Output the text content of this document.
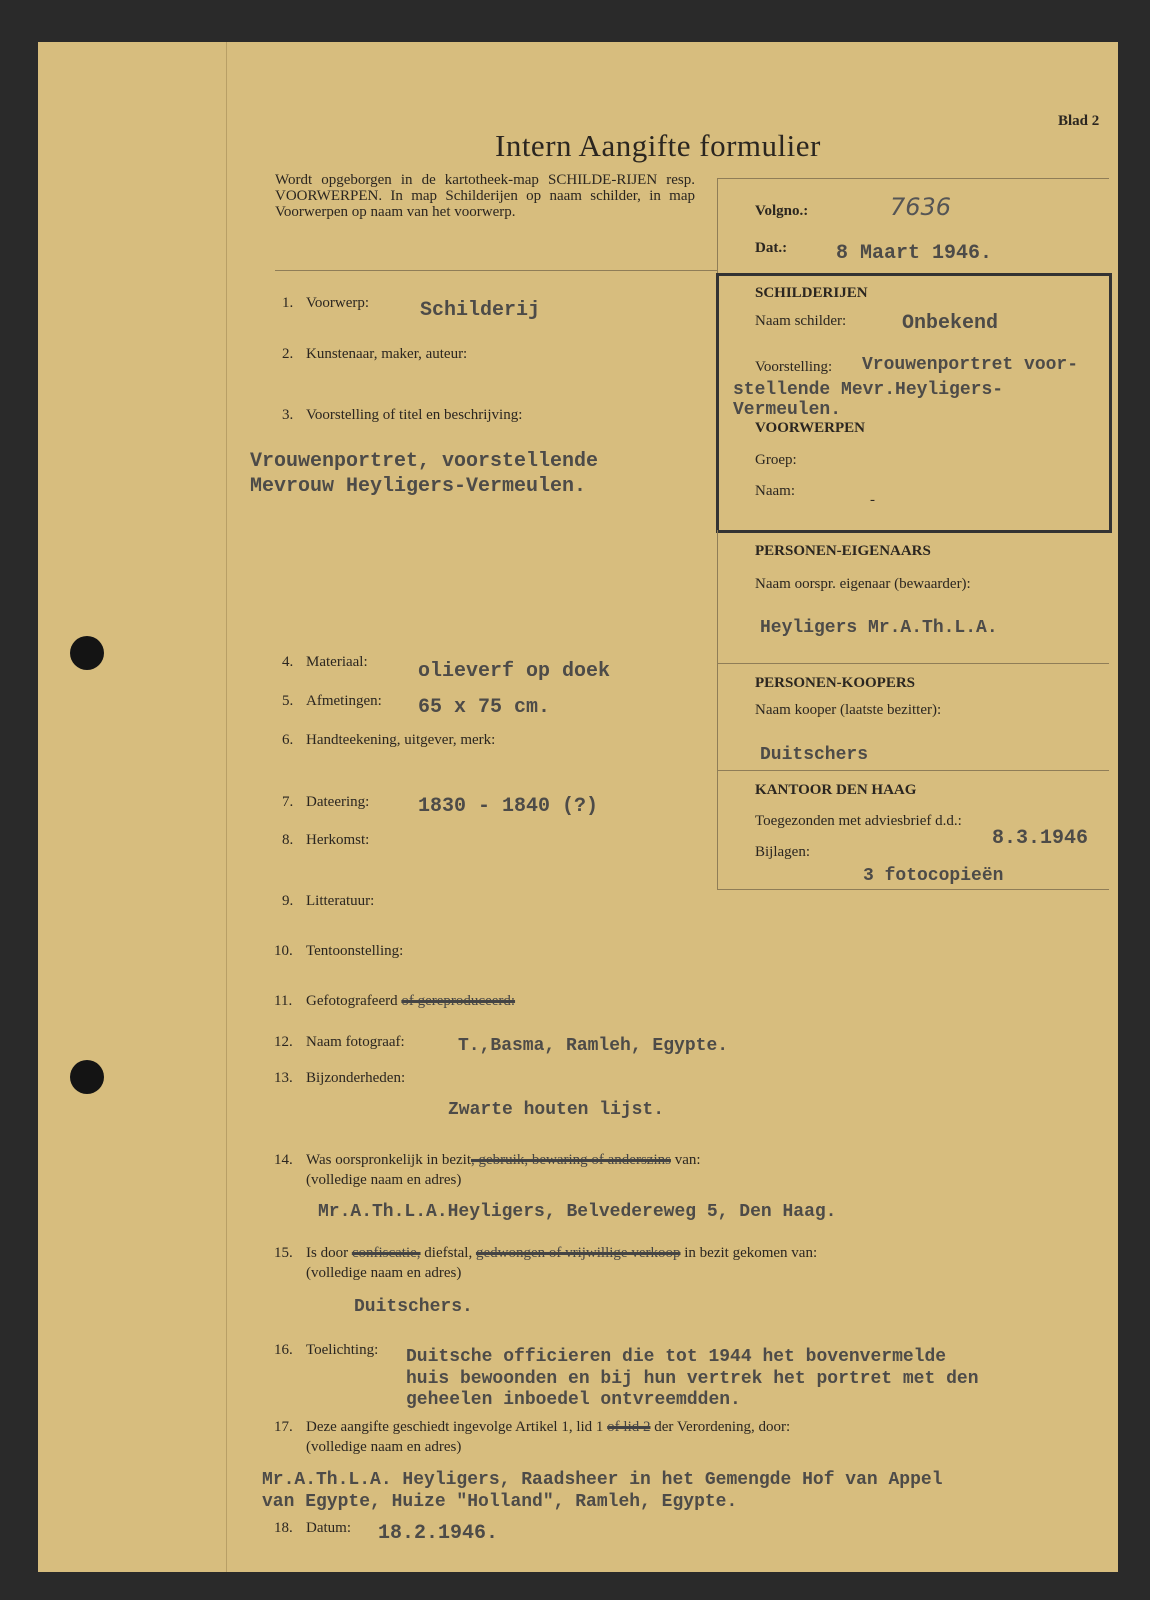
Blad 2
Intern Aangifte formulier
Wordt opgeborgen in de kartotheek-map SCHILDE-RIJEN resp. VOORWERPEN. In map Schilderijen op naam schilder, in map Voorwerpen op naam van het voorwerp.	Volgno.:	7636
Dat.: 8 Maart 1946.
SCHILDERIJEN
Naam schilder:	Onbekend
Voorstelling: Vrouwenportret voor-
stellende Mevr.Heyligers-
Vermeulen.
VOORWERPEN
Groep:
Naam:
-
PERSONEN-EIGENAARS
Naam oorspr. eigenaar (bewaarder):
Heyligers Mr.A.Th.L.A.
PERSONEN-KOOPERS
Naam kooper (laatste bezitter):
Duitschers
KANTOOR DEN HAAG
Toegezonden met adviesbrief d.d.:
8.3.1946
Bijlagen:
3 fotocopieën
1. Voorwerp:	Schilderij
2. Kunstenaar, maker, auteur:
3. Voorstelling of titel en beschrijving:
Vrouwenportret, voorstellende
Mevrouw Heyligers-Vermeulen.
4. Materiaal:	olieverf op doek
5. Afmetingen: 65 x 75 cm.
6. Handteekening, uitgever, merk:
7. Dateering: 1830 - 1840 (?)
8. Herkomst:
9. Litteratuur:
10. Tentoonstelling:
11. Gefotografeerd of gereproduceerd:
12. Naam fotograaf:	T.,Basma, Ramleh, Egypte.
13. Bijzonderheden:
Zwarte houten lijst.
14. Was oorspronkelijk in bezit, gebruik, bewaring of anderszins van:
(volledige naam en adres)
Mr.A.Th.L.A.Heyligers, Belvedereweg 5, Den Haag.
15. Is door confiscatie, diefstal, gedwongen of vrijwillige verkoop in bezit gekomen van:
(volledige naam en adres)
Duitschers.
16. Toelichting: Duitsche officieren die tot 1944 het bovenvermelde
huis bewoonden en bij hun vertrek het portret met den
geheelen inboedel ontvreemdden.
17. Deze aangifte geschiedt ingevolge Artikel 1, lid 1 of lid 2 der Verordening, door:
(volledige naam en adres)
Mr.A.Th.L.A. Heyligers, Raadsheer in het Gemengde Hof van Appel
van Egypte, Huize "Holland", Ramleh, Egypte.
18. Datum: 18.2.1946.
